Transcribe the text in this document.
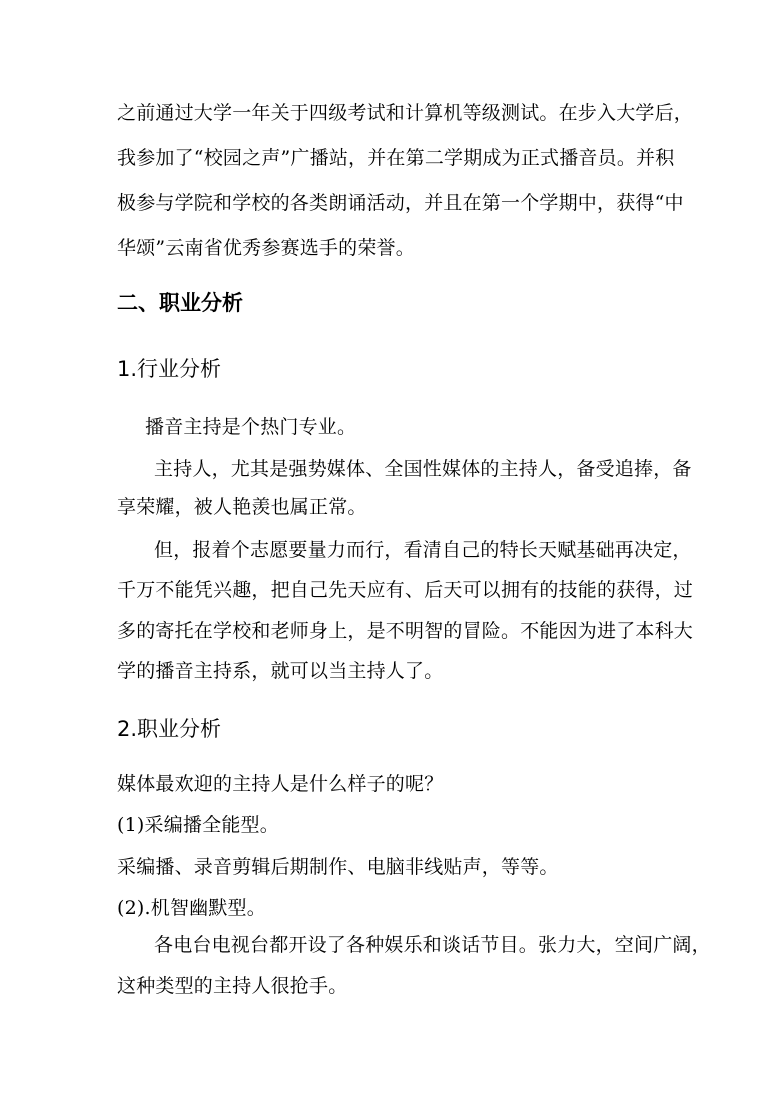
之前通过大学一年关于四级考试和计算机等级测试。在步入大学后，
我参加了“校园之声”广播站，并在第二学期成为正式播音员。并积
极参与学院和学校的各类朗诵活动，并且在第一个学期中，获得“中
华颂”云南省优秀参赛选手的荣誉。
二、职业分析
1.行业分析
播音主持是个热门专业。
主持人，尤其是强势媒体、全国性媒体的主持人，备受追捧，备
享荣耀，被人艳羡也属正常。
但，报着个志愿要量力而行，看清自己的特长天赋基础再决定，
千万不能凭兴趣，把自己先天应有、后天可以拥有的技能的获得，过
多的寄托在学校和老师身上，是不明智的冒险。不能因为进了本科大
学的播音主持系，就可以当主持人了。
2.职业分析
媒体最欢迎的主持人是什么样子的呢？
(1)采编播全能型。
采编播、录音剪辑后期制作、电脑非线贴声，等等。
(2).机智幽默型。
各电台电视台都开设了各种娱乐和谈话节目。张力大，空间广阔，
这种类型的主持人很抢手。
